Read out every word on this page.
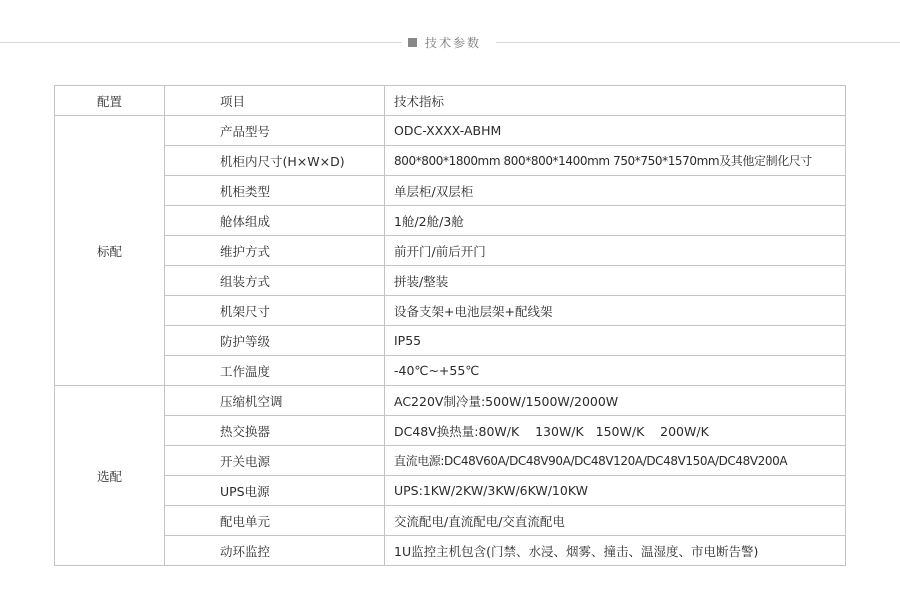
技术参数
配置	项目	技术指标
标配	产品型号	ODC-XXXX-ABHM
	机柜内尺寸(H×W×D)	800*800*1800mm 800*800*1400mm 750*750*1570mm及其他定制化尺寸
	机柜类型	单层柜/双层柜
	舱体组成	1舱/2舱/3舱
	维护方式	前开门/前后开门
	组装方式	拼装/整装
	机架尺寸	设备支架+电池层架+配线架
	防护等级	IP55
	工作温度	-40℃~+55℃
选配	压缩机空调	AC220V制冷量:500W/1500W/2000W
	热交换器	DC48V换热量:80W/K    130W/K   150W/K    200W/K
	开关电源	直流电源:DC48V60A/DC48V90A/DC48V120A/DC48V150A/DC48V200A
	UPS电源	UPS:1KW/2KW/3KW/6KW/10KW
	配电单元	交流配电/直流配电/交直流配电
	动环监控	1U监控主机包含(门禁、水浸、烟雾、撞击、温湿度、市电断告警)
